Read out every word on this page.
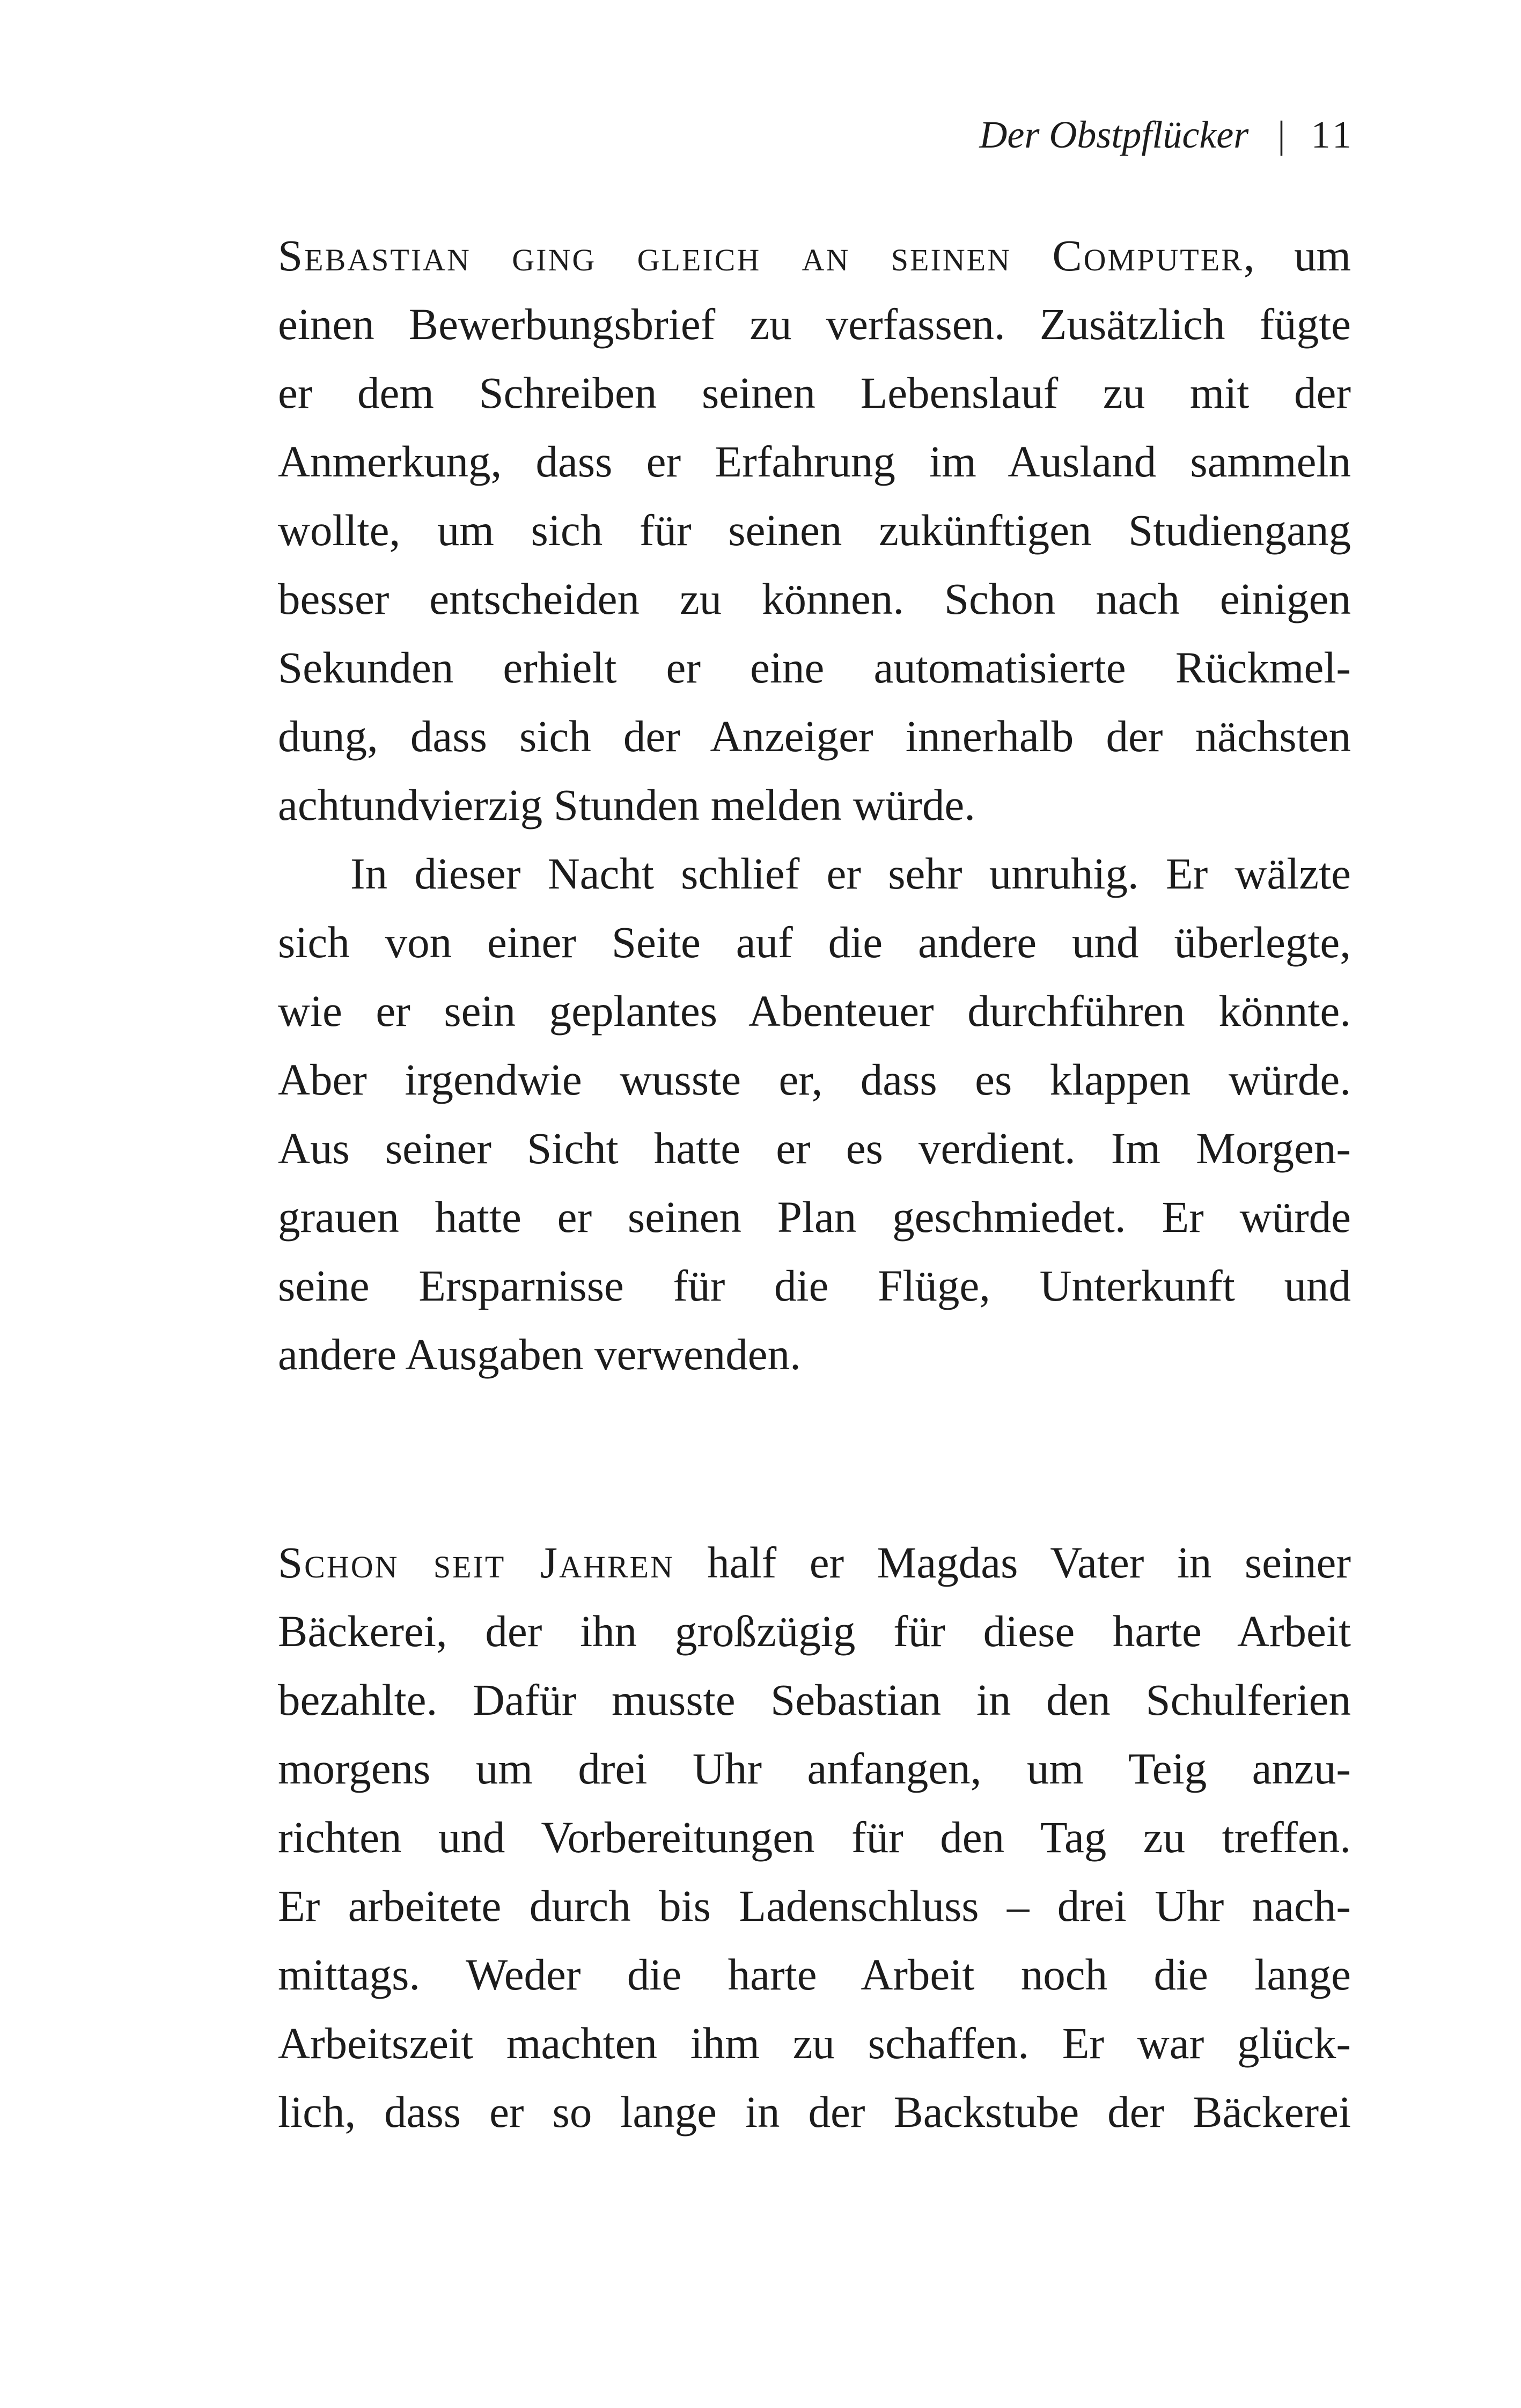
Der Obstpflücker | 11
Sebastian ging gleich an seinen Computer, um
einen Bewerbungsbrief zu verfassen. Zusätzlich fügte
er dem Schreiben seinen Lebenslauf zu mit der
Anmerkung, dass er Erfahrung im Ausland sammeln
wollte, um sich für seinen zukünftigen Studiengang
besser entscheiden zu können. Schon nach einigen
Sekunden erhielt er eine automatisierte Rückmel-
dung, dass sich der Anzeiger innerhalb der nächsten
achtundvierzig Stunden melden würde.
In dieser Nacht schlief er sehr unruhig. Er wälzte
sich von einer Seite auf die andere und überlegte,
wie er sein geplantes Abenteuer durchführen könnte.
Aber irgendwie wusste er, dass es klappen würde.
Aus seiner Sicht hatte er es verdient. Im Morgen-
grauen hatte er seinen Plan geschmiedet. Er würde
seine Ersparnisse für die Flüge, Unterkunft und
andere Ausgaben verwenden.
Schon seit Jahren half er Magdas Vater in seiner
Bäckerei, der ihn großzügig für diese harte Arbeit
bezahlte. Dafür musste Sebastian in den Schulferien
morgens um drei Uhr anfangen, um Teig anzu-
richten und Vorbereitungen für den Tag zu treffen.
Er arbeitete durch bis Ladenschluss – drei Uhr nach-
mittags. Weder die harte Arbeit noch die lange
Arbeitszeit machten ihm zu schaffen. Er war glück-
lich, dass er so lange in der Backstube der Bäckerei
